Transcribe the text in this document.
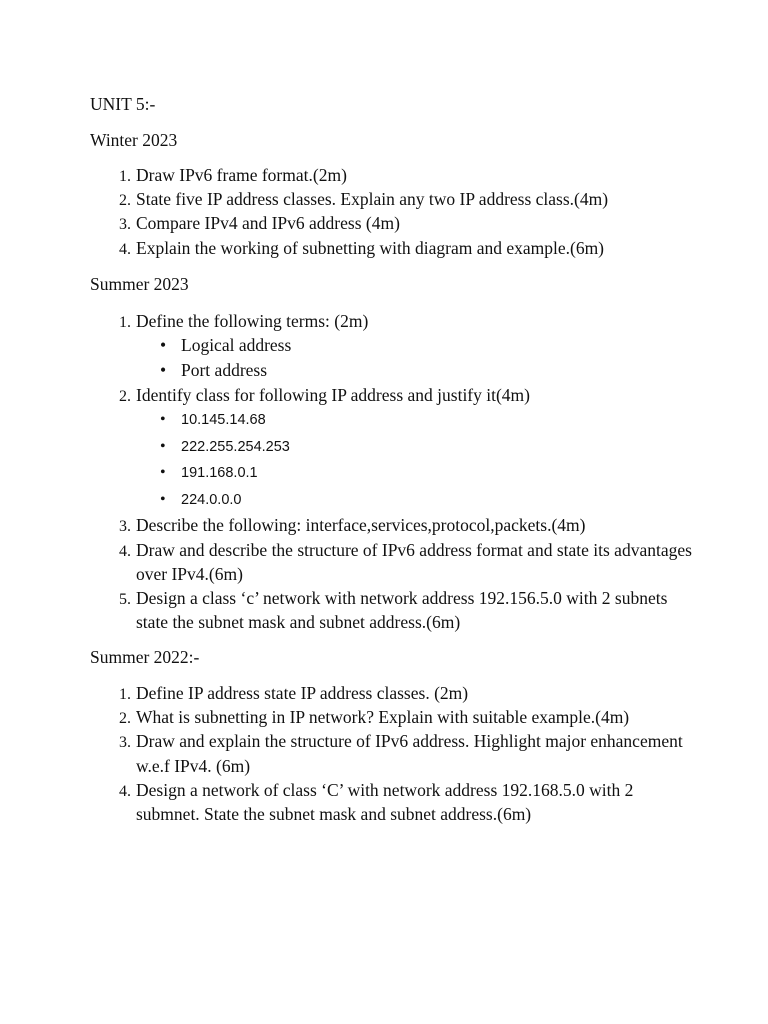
UNIT 5:-
Winter 2023
1. Draw IPv6 frame format.(2m)
2. State five IP address classes. Explain any two IP address class.(4m)
3. Compare IPv4 and IPv6 address (4m)
4. Explain the working of subnetting with diagram and example.(6m)
Summer 2023
1. Define the following terms: (2m)
• Logical address
• Port address
2. Identify class for following IP address and justify it(4m)
• 10.145.14.68
• 222.255.254.253
• 191.168.0.1
• 224.0.0.0
3. Describe the following: interface,services,protocol,packets.(4m)
4. Draw and describe the structure of IPv6 address format and state its advantages over IPv4.(6m)
5. Design a class ‘c’ network with network address 192.156.5.0 with 2 subnets state the subnet mask and subnet address.(6m)
Summer 2022:-
1. Define IP address state IP address classes. (2m)
2. What is subnetting in IP network? Explain with suitable example.(4m)
3. Draw and explain the structure of IPv6 address. Highlight major enhancement w.e.f IPv4. (6m)
4. Design a network of class ‘C’ with network address 192.168.5.0 with 2 submnet. State the subnet mask and subnet address.(6m)
